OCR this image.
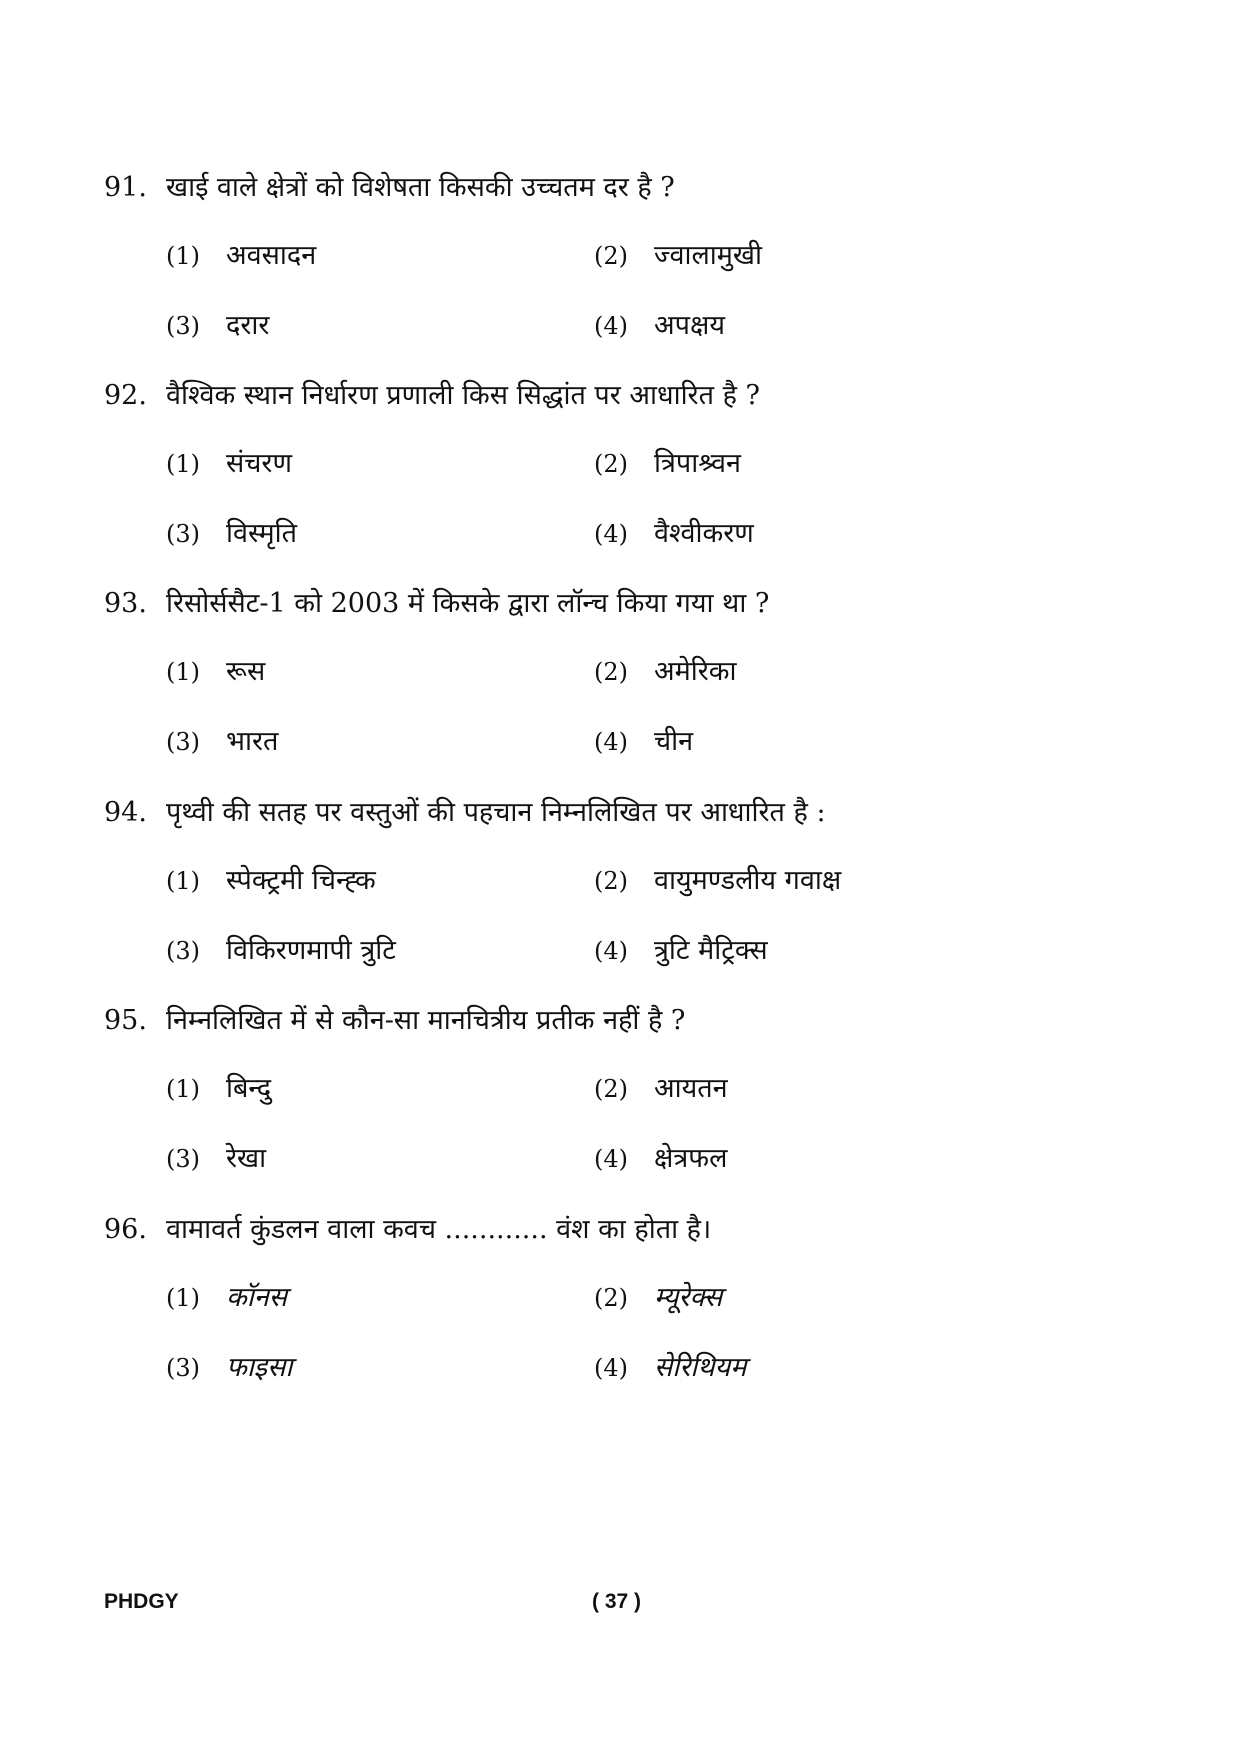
91. खाई वाले क्षेत्रों को विशेषता किसकी उच्चतम दर है ?
(1) अवसादन	(2) ज्वालामुखी
(3) दरार	(4) अपक्षय
92. वैश्विक स्थान निर्धारण प्रणाली किस सिद्धांत पर आधारित है ?
(1) संचरण	(2) त्रिपाश्र्वन
(3) विस्मृति	(4) वैश्वीकरण
93. रिसोर्ससैट-1 को 2003 में किसके द्वारा लॉन्च किया गया था ?
(1) रूस	(2) अमेरिका
(3) भारत	(4) चीन
94. पृथ्वी की सतह पर वस्तुओं की पहचान निम्नलिखित पर आधारित है :
(1) स्पेक्ट्रमी चिन्ह्क	(2) वायुमण्डलीय गवाक्ष
(3) विकिरणमापी त्रुटि	(4) त्रुटि मैट्रिक्स
95. निम्नलिखित में से कौन-सा मानचित्रीय प्रतीक नहीं है ?
(1) बिन्दु	(2) आयतन
(3) रेखा	(4) क्षेत्रफल
96. वामावर्त कुंडलन वाला कवच ............ वंश का होता है।
(1) कॉनस	(2) म्यूरेक्स
(3) फाइसा	(4) सेरिथियम
PHDGY	( 37 )
